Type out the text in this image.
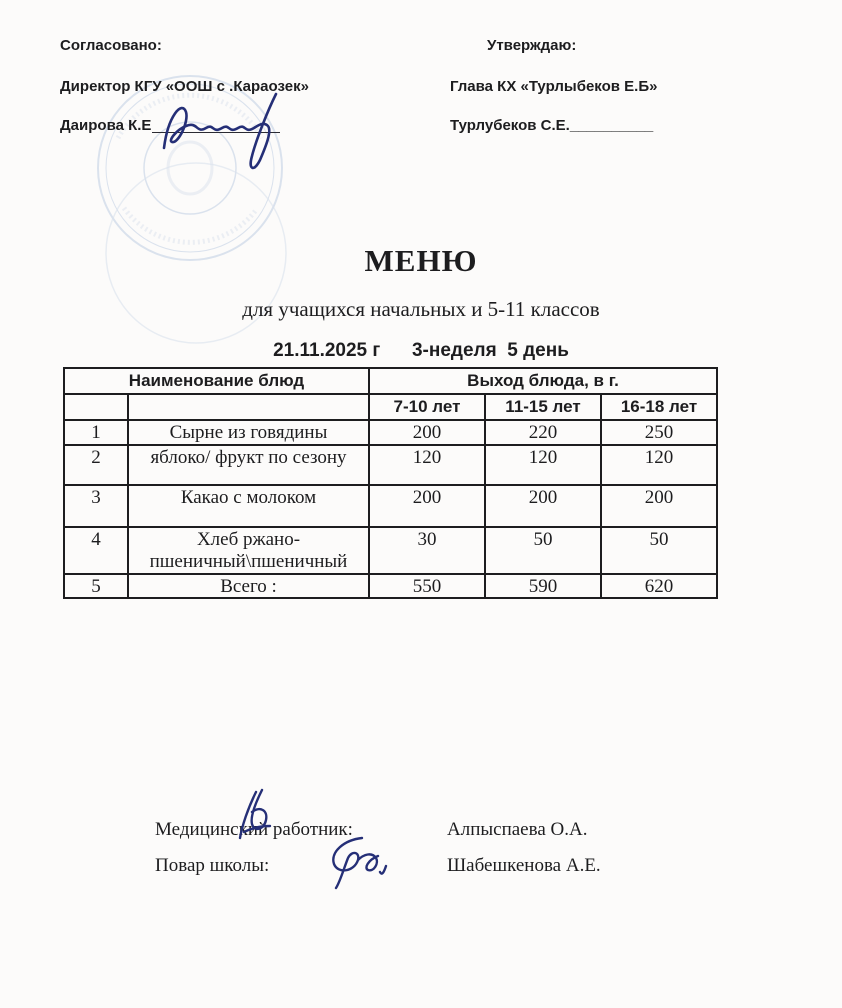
Согласовано:
Директор КГУ «ООШ с .Караозек»
Даирова К.Е
Утверждаю:
Глава КХ «Турлыбеков Е.Б»
Турлубеков С.Е.__________
МЕНЮ
для учащихся начальных и 5-11 классов
21.11.2025 г      3-неделя  5 день
Наименование блюд		Выход блюда, в г.		
		7-10 лет	11-15 лет	16-18 лет
1	Сырне из говядины	200	220	250
2	яблоко/ фрукт по сезону	120	120	120
3	Какао с молоком	200	200	200
4	Хлеб ржано-пшеничный\пшеничный	30	50	50
5	Всего :	550	590	620
Медицинский работник:	Алпыспаева О.А.
Повар школы:	Шабешкенова А.Е.
